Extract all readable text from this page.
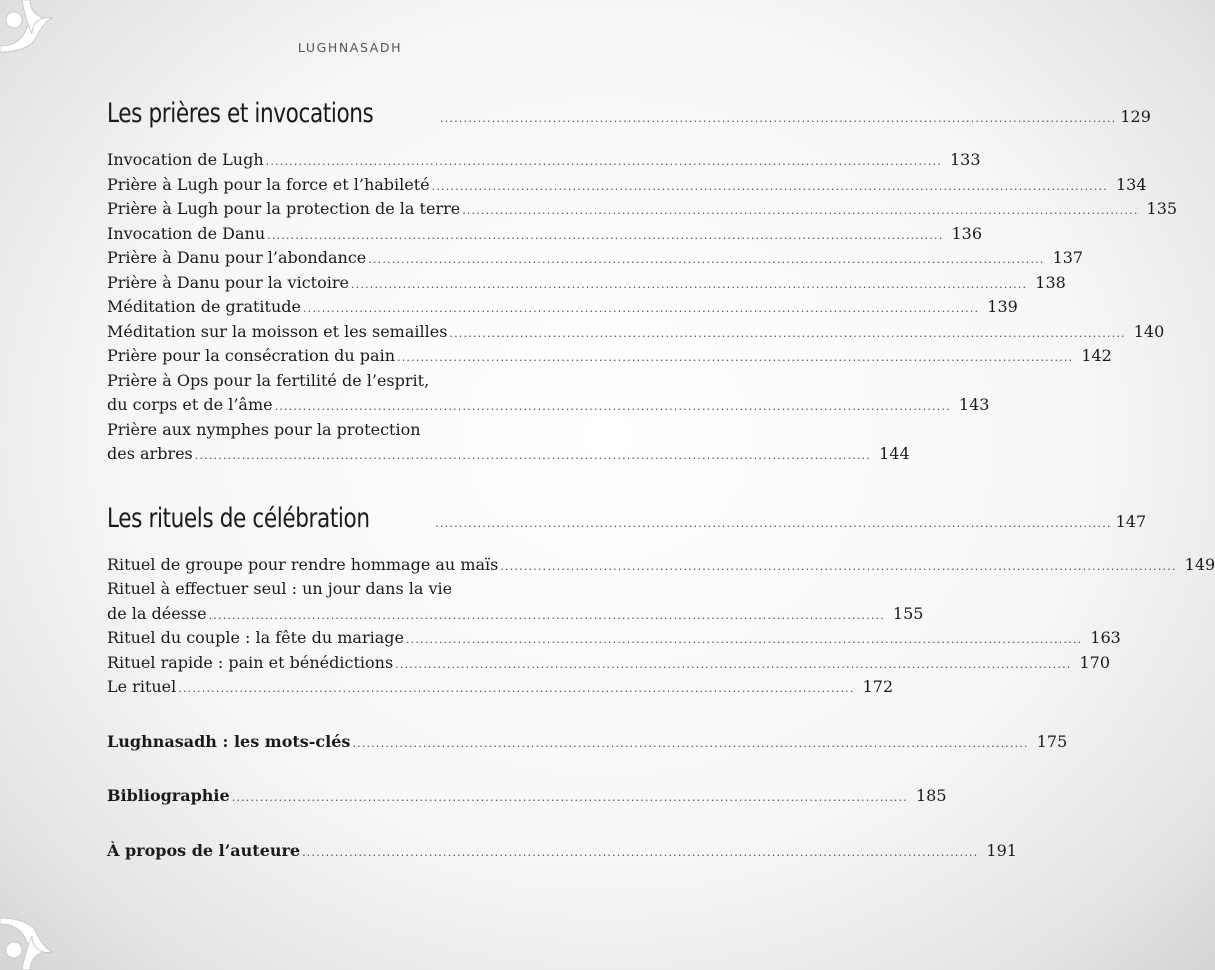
LUGHNASADH
Les prières et invocations	................................................................................................................................................ 129
Invocation de Lugh ................................................................................................................................................ 133
Prière à Lugh pour la force et l’habileté ................................................................................................................................................ 134
Prière à Lugh pour la protection de la terre ................................................................................................................................................ 135
Invocation de Danu ................................................................................................................................................ 136
Prière à Danu pour l’abondance ................................................................................................................................................ 137
Prière à Danu pour la victoire ................................................................................................................................................ 138
Méditation de gratitude ................................................................................................................................................ 139
Méditation sur la moisson et les semailles ................................................................................................................................................ 140
Prière pour la consécration du pain ................................................................................................................................................ 142
Prière à Ops pour la fertilité de l’esprit,
du corps et de l’âme ................................................................................................................................................ 143
Prière aux nymphes pour la protection
des arbres ................................................................................................................................................ 144
Les rituels de célébration	................................................................................................................................................ 147
Rituel de groupe pour rendre hommage au maïs ................................................................................................................................................ 149
Rituel à effectuer seul : un jour dans la vie
de la déesse ................................................................................................................................................ 155
Rituel du couple : la fête du mariage ................................................................................................................................................ 163
Rituel rapide : pain et bénédictions ................................................................................................................................................ 170
Le rituel ................................................................................................................................................ 172
Lughnasadh : les mots-clés ................................................................................................................................................ 175
Bibliographie ................................................................................................................................................ 185
À propos de l’auteure ................................................................................................................................................ 191
